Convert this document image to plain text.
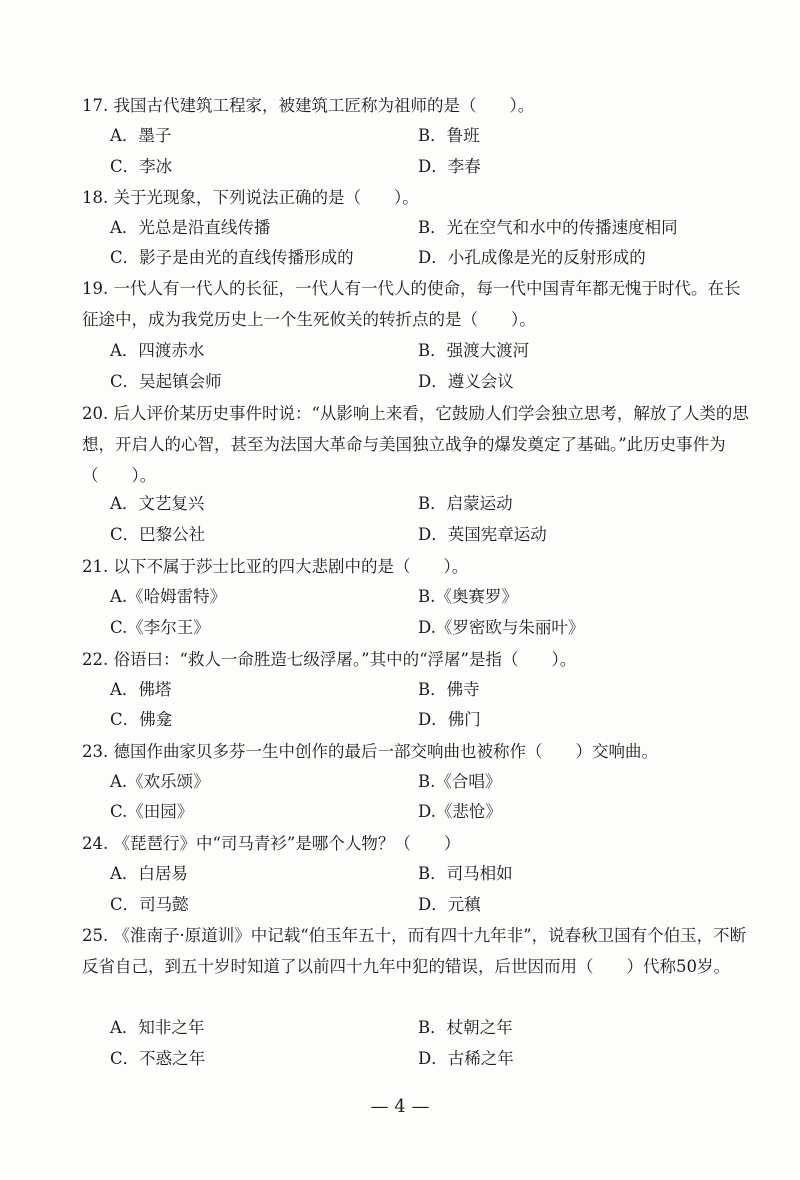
17. 我国古代建筑工程家，被建筑工匠称为祖师的是（　　）。

A．墨子	B．鲁班
C．李冰	D．李春

18. 关于光现象，下列说法正确的是（　　）。

A．光总是沿直线传播	B．光在空气和水中的传播速度相同
C．影子是由光的直线传播形成的	D．小孔成像是光的反射形成的

19. 一代人有一代人的长征，一代人有一代人的使命，每一代中国青年都无愧于时代。在长征途中，成为我党历史上一个生死攸关的转折点的是（　　）。

A．四渡赤水	B．强渡大渡河
C．吴起镇会师	D．遵义会议

20. 后人评价某历史事件时说：“从影响上来看，它鼓励人们学会独立思考，解放了人类的思想，开启人的心智，甚至为法国大革命与美国独立战争的爆发奠定了基础。”此历史事件为（　　）。

A．文艺复兴	B．启蒙运动
C．巴黎公社	D．英国宪章运动

21. 以下不属于莎士比亚的四大悲剧中的是（　　）。

A.《哈姆雷特》	B.《奥赛罗》
C.《李尔王》	D.《罗密欧与朱丽叶》

22. 俗语曰：“救人一命胜造七级浮屠。”其中的“浮屠”是指（　　）。

A．佛塔	B．佛寺
C．佛龛	D．佛门

23. 德国作曲家贝多芬一生中创作的最后一部交响曲也被称作（　　）交响曲。

A.《欢乐颂》	B.《合唱》
C.《田园》	D.《悲怆》

24. 《琵琶行》中“司马青衫”是哪个人物？（　　）

A．白居易	B．司马相如
C．司马懿	D．元稹

25. 《淮南子·原道训》中记载“伯玉年五十，而有四十九年非”，说春秋卫国有个伯玉，不断反省自己，到五十岁时知道了以前四十九年中犯的错误，后世因而用（　　）代称50岁。

A．知非之年	B．杖朝之年
C．不惑之年	D．古稀之年
— 4 —
